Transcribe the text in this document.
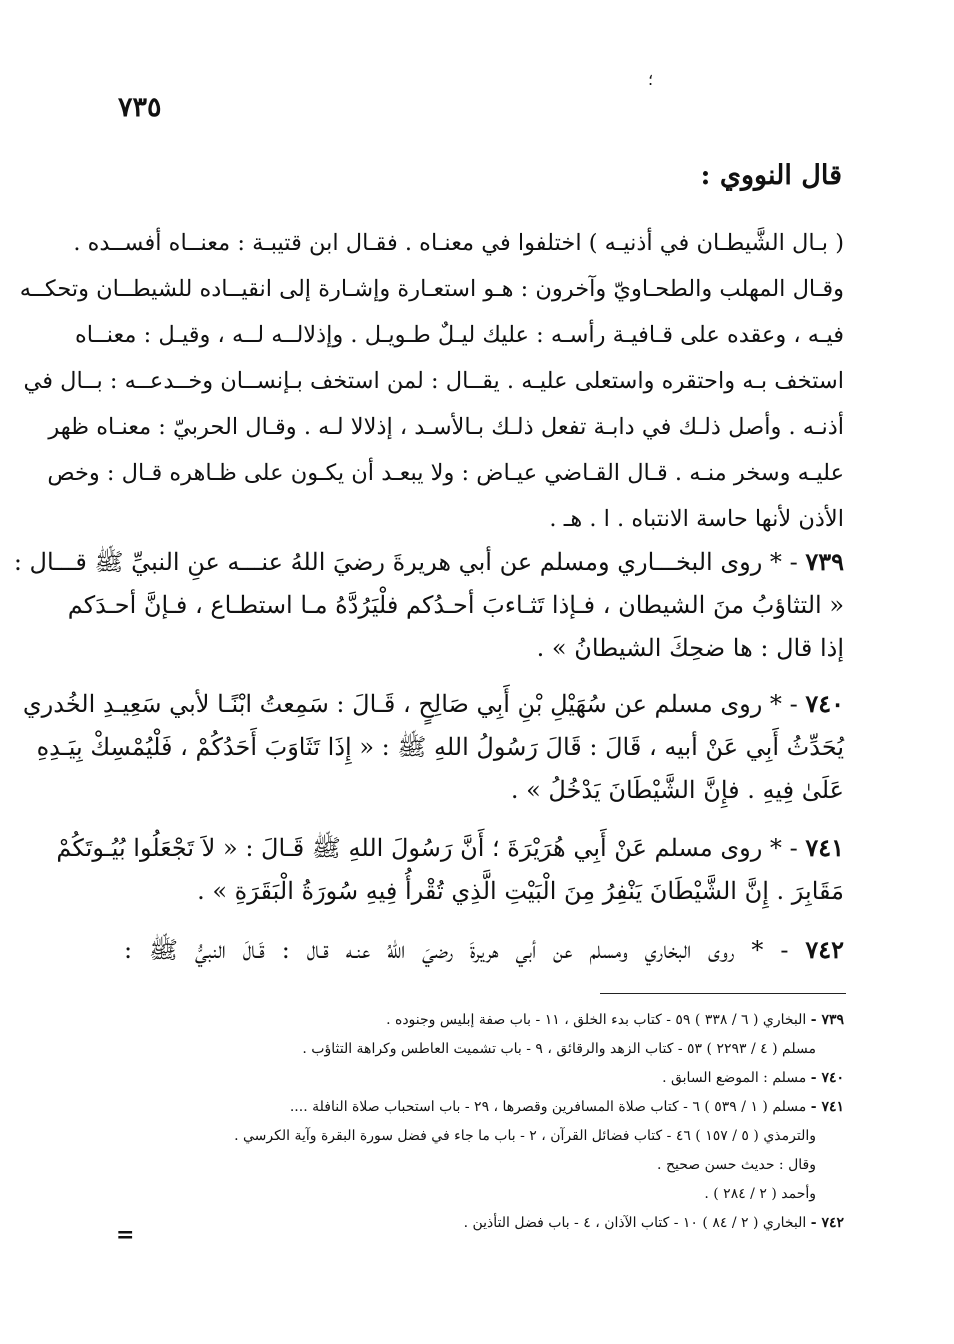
٧٣٥
؛
قال النووي :
( بـال الشَّيطـان في أذنيـه ) اختلفوا في معنـاه . فقـال ابن قتيبـة : معنــاه أفســده .
وقـال المهلب والطحـاويّ وآخرون : هـو استعـارة وإشـارة إلى انقيــاده للشيطــان وتحكــه
فيـه ، وعقده على قـافيـة رأسـه : عليك ليـلٌ طـويـل . وإذلالــه لــه ، وقيـل : معنــاه
استخف بـه واحتقره واستعلى عليـه . يقــال : لمن استخف بـإنســان وخــدعــه : بــال في
أذنـه . وأصل ذلـك في دابـة تفعل ذلـك بـالأسـد ، إذلالا لـه . وقـال الحربيّ : معنـاه ظهر
عليـه وسخر منـه . قـال القـاضي عيـاض : ولا يبعـد أن يكـون على ظـاهره قـال : وخص
الأذن لأنها حاسة الانتباه . ا . هـ .
٧٣٩ - * روى البخـــاري ومسلم عن أبي هريرةَ رضيَ اللهُ عنـــه عنِ النبيِّ ﷺ قـــال :
« التثاؤبُ منَ الشيطان ، فـإذا تَثـاءبَ أحـدُكم فلْيَرُدَّهُ مـا استطـاع ، فـإنَّ أحـدَكم
إذا قال : ها ضحِكَ الشيطانُ » .
٧٤٠ - * روى مسلم عن سُهَيْلِ بْنِ أَبِي صَالِحٍ ، قَـالَ : سَمِعتُ ابْنًـا لأبي سَعِيـدِ الخُدري
يُحَدِّثُ أَبِي عَنْ أبيه ، قَالَ : قَالَ رَسُولُ اللهِ ﷺ : « إِذَا تَثَاوَبَ أَحَدُكُمْ ، فَلْيُمْسِكْ بِيَـدِهِ
عَلَىٰ فِيهِ . فإِنَّ الشَّيْطَانَ يَدْخُلُ » .
٧٤١ - * روى مسلم عَنْ أَبِي هُرَيْرَةَ ؛ أَنَّ رَسُولَ اللهِ ﷺ قَـالَ : « لاَ تَجْعَلُوا بُيُـوتَكُمْ
مَقَابِرَ . إِنَّ الشَّيْطَانَ يَنْفِرُ مِنَ الْبَيْتِ الَّذِي تُقْرأُ فِيهِ سُورَةُ الْبَقَرَةِ » .
٧٤٢ - * روى البخاري ومسلم عن أبي هريرةَ رضيَ اللهُ عنـه قـال : قَـالَ النبيُّ ﷺ :
٧٣٩ - البخاري ( ٦ / ٣٣٨ ) ٥٩ - كتاب بدء الخلق ، ١١ - باب صفة إبليس وجنوده .
مسلم ( ٤ / ٢٢٩٣ ) ٥٣ - كتاب الزهد والرقائق ، ٩ - باب تشميت العاطس وكراهة التثاؤب .
٧٤٠ - مسلم : الموضع السابق .
٧٤١ - مسلم ( ١ / ٥٣٩ ) ٦ - كتاب صلاة المسافرين وقصرها ، ٢٩ - باب استحباب صلاة النافلة ....
والترمذي ( ٥ / ١٥٧ ) ٤٦ - كتاب فضائل القرآن ، ٢ - باب ما جاء في فضل سورة البقرة وآية الكرسي .
وقال : حديث حسن صحيح .
وأحمد ( ٢ / ٢٨٤ ) .
٧٤٢ - البخاري ( ٢ / ٨٤ ) ١٠ - كتاب الآذان ، ٤ - باب فضل التأذين .
=
